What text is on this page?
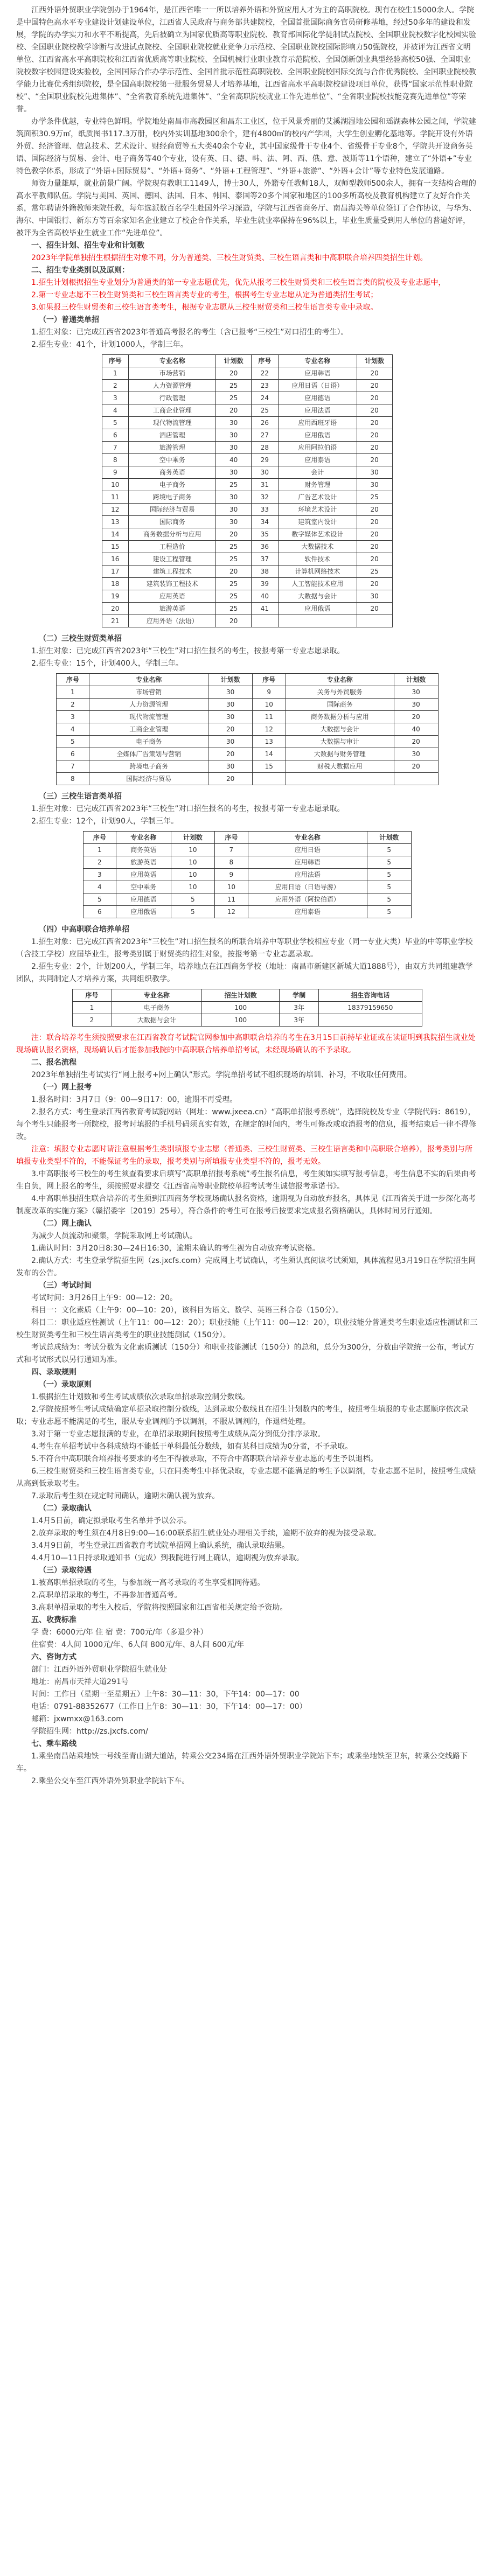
江西外语外贸职业学院创办于1964年，是江西省唯一一所以培养外语和外贸应用人才为主的高职院校。现有在校生15000余人。学院是中国特色高水平专业建设计划建设单位，江西省人民政府与商务部共建院校，全国首批国际商务官员研修基地，经过50多年的建设和发展，学院的办学实力和水平不断提高，先后被确立为国家优质高等职业院校、教育部国际化学徒制试点院校、全国职业院校数字化校园实验校、全国职业院校教学诊断与改进试点院校、全国职业院校就业竞争力示范校、全国职业院校国际影响力50强院校，并被评为江西省文明单位、江西省高水平高职院校和江西省优质高等职业院校、全国机械行业职业教育示范院校、全国创新创业典型经验高校50强、全国职业院校数字校园建设实验校，全国国际合作办学示范性、全国首批示范性高职院校、全国职业院校国际交流与合作优秀院校、全国职业院校教学能力比赛优秀组织院校，是全国高职院校第一批服务贸易人才培养基地，江西省高水平高职院校建设项目单位，获得“国家示范性职业院校”、“全国职业院校先进集体”、“全省教育系统先进集体”、“全省高职院校就业工作先进单位”、“全省职业院校技能竞赛先进单位”等荣誉。

办学条件优越，专业特色鲜明。学院地处南昌市高教园区和昌东工业区，位于风景秀丽的艾溪湖湿地公园和瑶湖森林公园之间，学院建筑面积30.9万㎡，纸质图书117.3万册，校内外实训基地300余个，建有4800㎡的校内产学园，大学生创业孵化基地等。学院开设有外语外贸、经济管理、信息技术、艺术设计、财经商贸等五大类40余个专业，其中国家级骨干专业4个、省级骨干专业8个，学院共开设商务英语、国际经济与贸易、会计、电子商务等40个专业，设有英、日、德、韩、法、阿、西、俄、意、波斯等11个语种，建立了“外语+”专业特色教学体系，形成了“外语+国际贸易”、“外语+商务”、“外语+工程管理”、“外语+旅游”、“外语+会计”等专业特色发展道路。

师资力量雄厚，就业前景广阔。学院现有教职工1149人，博士30人，外籍专任教师18人，双师型教师500余人，拥有一支结构合理的高水平教师队伍。学院与美国、英国、德国、法国、日本、韩国、泰国等20多个国家和地区的100多所高校及教育机构建立了友好合作关系，常年聘请外籍教师来院任教，每年选派数百名学生赴国外学习深造，学院与江西省商务厅、南昌海关等单位签订了合作协议，与华为、海尔、中国银行、新东方等百余家知名企业建立了校企合作关系，毕业生就业率保持在96%以上，毕业生质量受到用人单位的普遍好评，被评为全省高校毕业生就业工作“先进单位”。

一、招生计划、招生专业和计划数

2023年学院单独招生根据招生对象不同，分为普通类、三校生财贸类、三校生语言类和中高职联合培养四类招生计划。

二、招生专业类别以及原则：

1.招生计划根据招生专业划分为普通类的第一专业志愿优先，优先从报考三校生财贸类和三校生语言类的院校及专业志愿中，

2.第一专业志愿不三校生财贸类和三校生语言类专业的考生，根据考生专业志愿从定为普通类招生考试；

3.如果报三校生财贸类和三校生语言类考生，根据专业志愿从三校生财贸类和三校生语言类专业中录取。

（一）普通类单招

1.招生对象：已完成江西省2023年普通高考报名的考生（含已报考“三校生”对口招生的考生）。

2.招生专业：41个，计划1000人，学制三年。

序号	专业名称	计划数	序号	专业名称	计划数
1	市场营销	20	22	应用韩语	20
2	人力资源管理	25	23	应用日语（日语）	20
3	行政管理	25	24	应用德语	20
4	工商企业管理	20	25	应用法语	20
5	现代物流管理	30	26	应用西班牙语	20
6	酒店管理	30	27	应用俄语	20
7	旅游管理	30	28	应用阿拉伯语	20
8	空中乘务	40	29	应用泰语	20
9	商务英语	30	30	会计	30
10	电子商务	25	31	财务管理	30
11	跨境电子商务	30	32	广告艺术设计	25
12	国际经济与贸易	30	33	环境艺术设计	20
13	国际商务	30	34	建筑室内设计	20
14	商务数据分析与应用	20	35	数字媒体艺术设计	20
15	工程造价	25	36	大数据技术	20
16	建设工程管理	25	37	软件技术	20
17	建筑工程技术	20	38	计算机网络技术	25
18	建筑装饰工程技术	25	39	人工智能技术应用	20
19	应用英语	25	40	大数据与会计	30
20	旅游英语	25	41	应用俄语	20
21	应用外语（法语）	20			

（二）三校生财贸类单招

1.招生对象：已完成江西省2023年“三校生”对口招生报名的考生，按报考第一专业志愿录取。

2.招生专业：15个，计划400人，学制三年。

序号	专业名称	计划数	序号	专业名称	计划数
1	市场营销	30	9	关务与外贸服务	30
2	人力资源管理	30	10	国际商务	30
3	现代物流管理	30	11	商务数据分析与应用	20
4	工商企业管理	20	12	大数据与会计	40
5	电子商务	30	13	大数据与审计	20
6	全媒体广告策划与营销	20	14	大数据与财务管理	30
7	跨境电子商务	30	15	财税大数据应用	20
8	国际经济与贸易	20			

（三）三校生语言类单招

1.招生对象：已完成江西省2023年“三校生”对口招生报名的考生，按报考第一专业志愿录取。

2.招生专业：12个，计划90人，学制三年。

序号	专业名称	计划数	序号	专业名称	计划数
1	商务英语	10	7	应用日语	5
2	旅游英语	10	8	应用韩语	5
3	应用英语	10	9	应用法语	5
4	空中乘务	10	10	应用日语（日语导游）	5
5	应用德语	5	11	应用外语（阿拉伯语）	5
6	应用俄语	5	12	应用泰语	5

（四）中高职联合培养单招

1.招生对象：已完成江西省2023年“三校生”对口招生报名的所联合培养中等职业学校相应专业（同一专业大类）毕业的中等职业学校（含技工学校）应届毕业生，报考类别属于财贸类的招生对象，按报考第一专业志愿录取。

2.招生专业：2个，计划200人，学制三年，培养地点在江西商务学校（地址：南昌市新建区新城大道1888号），由双方共同组建教学团队，共同制定人才培养方案，共同组织教学。

序号	专业名称	招生计划数	学制	招生咨询电话
1	电子商务	100	3年	18379159650
2	大数据与会计	100	3年	

注：联合培养考生须按照要求在江西省教育考试院官网参加中高职联合培养的考生在3月15日前持毕业证或在读证明到我院招生就业处现场确认报名资格，现场确认后才能参加我院的中高职联合培养单招考试，未经现场确认的不予录取。

二、报名流程

2023年单独招生考试实行“网上报考+网上确认”形式。学院单招考试不组织现场的培训、补习，不收取任何费用。

（一）网上报考

1.报名时间：3月7日（9：00—9日17：00，逾期不再受理。

2.报名方式：考生登录江西省教育考试院网站（网址：www.jxeea.cn）“高职单招报考系统”，选择院校及专业（学院代码：8619），每个考生只能报考一所院校，报考时填报的手机号码须真实有效，在规定的时间内，考生可修改或取消报考的信息，报考结束后一律不得修改。

注意：填报专业志愿时请注意根据考生类别填报专业志愿（普通类、三校生财贸类、三校生语言类和中高职联合培养），报考类别与所填报专业类型不符的，不能保证考生的录取，报考类别与所填报专业类型不符的，报考无效。

3.中高职报考三校生的考生须查看要求后填写“高职单招报考系统”考生报名信息，考生须如实填写报考信息，考生信息不实的后果由考生自负，网上报名的考生，须按照要求提交《江西省高等职业院校单招考试考生诚信报考承诺书》。

4.中高职单独招生联合培养的考生须到江西商务学校现场确认报名资格，逾期视为自动放弃报名，具体见《江西省关于进一步深化高考制度改革的实施方案》（赣招委字〔2019〕25号），符合条件的考生可在报考后按要求完成报名资格确认，具体时间另行通知。

（二）网上确认

为减少人员流动和聚集，学院采取网上考试确认。

1.确认时间：3月20日8:30—24日16:30，逾期未确认的考生视为自动放弃考试资格。

2.确认方式：考生登录学院招生网（zs.jxcfs.com）完成网上考试确认，考生须认真阅读考试须知，具体流程见3月19日在学院招生网发布的公告。

（三）考试时间

考试时间：3月26日上午9：00—12：20。

科目一：文化素质（上午9：00—10：20），该科目为语文、数学、英语三科合卷（150分）。

科目二：职业适应性测试（上午11：00—12：20）；职业技能（上午11：00—12：20），职业技能分普通类考生职业适应性测试和三校生财贸类考生和三校生语言类考生的职业技能测试（150分）。

考试总成绩为：考试分数为文化素质测试（150分）和职业技能测试（150分）的总和，总分为300分，分数由学院统一公布，考试方式和考试形式以另行通知为准。

四、录取规则

（一）录取原则

1.根据招生计划数和考生考试成绩依次录取单招录取控制分数线。

2.学院按照考生考试成绩确定单招录取控制分数线，达到录取分数线且在招生计划数内的考生，按照考生填报的专业志愿顺序依次录取；专业志愿不能满足的考生，服从专业调剂的予以调剂，不服从调剂的，作退档处理。

3.对于第一专业志愿报满的专业，在单招录取期间按照考生成绩从高分到低分排序录取。

4.考生在单招考试中各科成绩均不能低于单科最低分数线，如有某科目成绩为0分者，不予录取。

5.不符合中高职联合培养报考要求的考生不得被录取，不符合中高职联合培养专业志愿的考生予以退档。

6.三校生财贸类和三校生语言类专业，只在同类考生中择优录取，专业志愿不能满足的考生予以调剂，专业志愿不足时，按照考生成绩从高到低录取考生。

7.录取后考生须在规定时间确认，逾期未确认视为放弃。

（二）录取确认

1.4月5日前，确定拟录取考生名单并予以公示。

2.放弃录取的考生须在4月8日9:00—16:00联系招生就业处办理相关手续，逾期不放弃的视为接受录取。

3.4月9日前，考生登录江西省教育考试院单招网上确认系统，确认录取结果。

4.4月10—11日持录取通知书（完成）到我院进行网上确认，逾期视为放弃录取。

（三）录取待遇

1.被高职单招录取的考生，与参加统一高考录取的考生享受相同待遇。

2.高职单招录取的考生，不再参加普通高考。

3.高职单招录取的考生入校后，学院将按照国家和江西省相关规定给予资助。

五、收费标准

学 费：6000元/年 住 宿 费：700元/年（多退少补）

住宿费：4人间 1000元/年、6人间 800元/年、8人间 600元/年

六、咨询方式

部门：江西外语外贸职业学院招生就业处

地址：南昌市天祥大道291号

时间：工作日（星期一至星期五）上午8：30—11：30，下午14：00—17：00

电话：0791-88352677（工作日上午8：30—11：30，下午14：00—17：00）

邮箱：jxwmxx@163.com

学院招生网：http://zs.jxcfs.com/

七、乘车路线

1.乘坐南昌站乘地铁一号线至青山湖大道站，转乘公交234路在江西外语外贸职业学院站下车；或乘坐地铁至卫东，转乘公交线路下车。

2.乘坐公交车至江西外语外贸职业学院站下车。
